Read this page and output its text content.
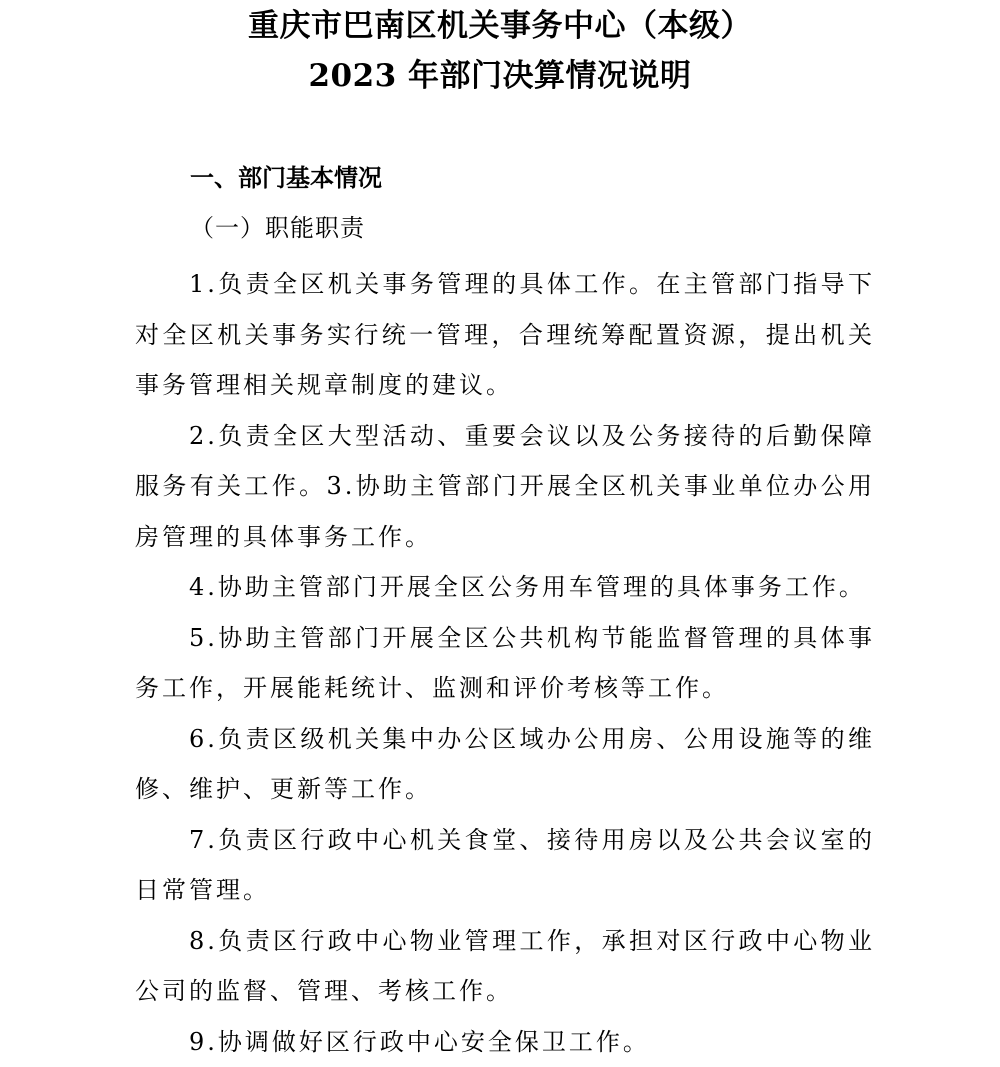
重庆市巴南区机关事务中心（本级）
2023 年部门决算情况说明
一、部门基本情况
（一）职能职责

1.负责全区机关事务管理的具体工作。在主管部门指导下对全区机关事务实行统一管理，合理统筹配置资源，提出机关事务管理相关规章制度的建议。

2.负责全区大型活动、重要会议以及公务接待的后勤保障服务有关工作。3.协助主管部门开展全区机关事业单位办公用房管理的具体事务工作。

4.协助主管部门开展全区公务用车管理的具体事务工作。

5.协助主管部门开展全区公共机构节能监督管理的具体事务工作，开展能耗统计、监测和评价考核等工作。

6.负责区级机关集中办公区域办公用房、公用设施等的维修、维护、更新等工作。

7.负责区行政中心机关食堂、接待用房以及公共会议室的日常管理。

8.负责区行政中心物业管理工作，承担对区行政中心物业公司的监督、管理、考核工作。

9.协调做好区行政中心安全保卫工作。
